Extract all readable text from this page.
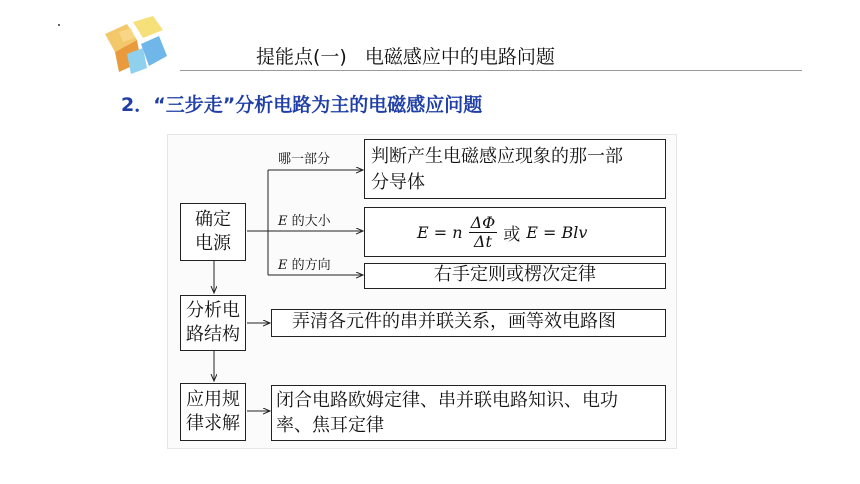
提能点(一) 电磁感应中的电路问题
2．“三步走”分析电路为主的电磁感应问题
确定
电源
分析电
路结构
应用规
律求解
哪一部分
E 的大小
E 的方向
判断产生电磁感应现象的那一部
分导体
E = n $\frac{\Delta\Phi}{\Delta t}$ 或 E = Blv
右手定则或楞次定律
弄清各元件的串并联关系，画等效电路图
闭合电路欧姆定律、串并联电路知识、电功
率、焦耳定律
